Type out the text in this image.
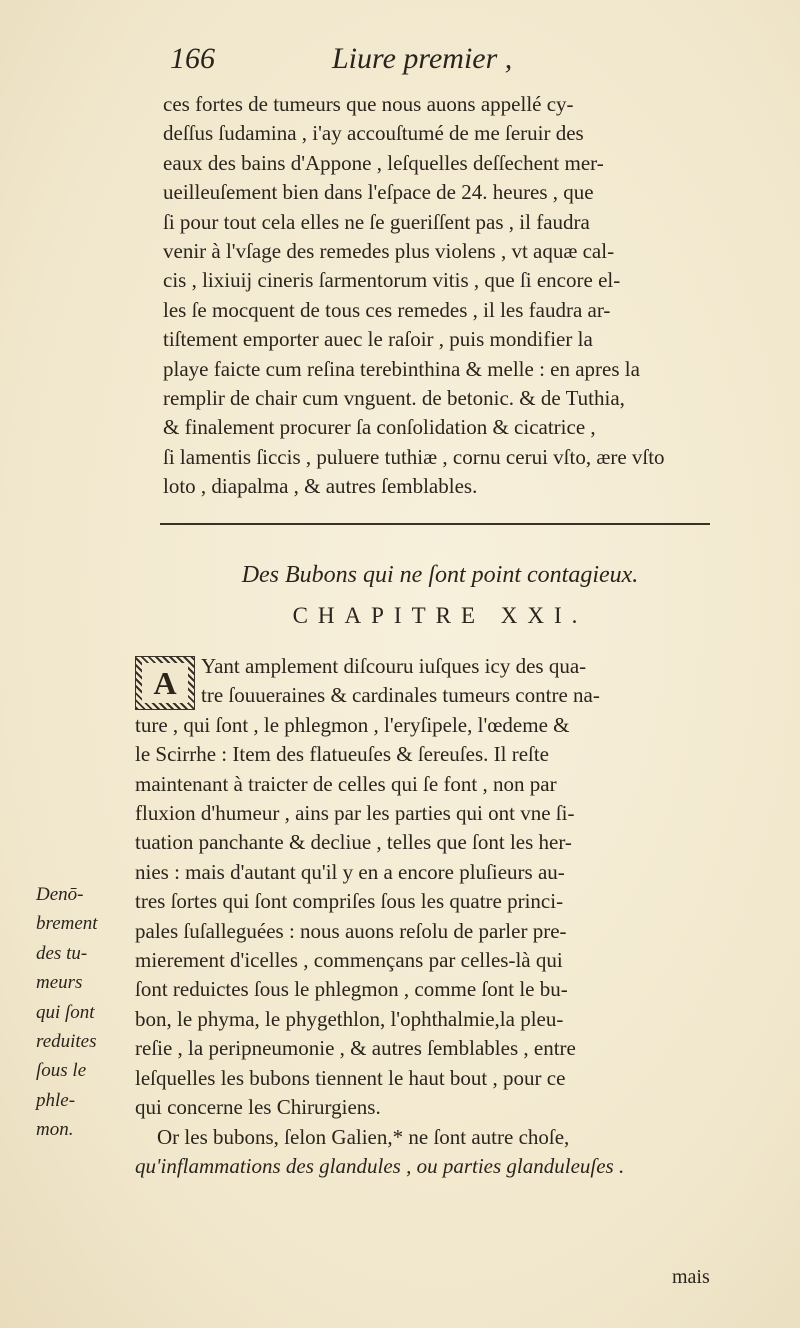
166	Liure premier ,
ces fortes de tumeurs que nous auons appellé cy-
deſſus ſudamina , i'ay accouſtumé de me ſeruir des
eaux des bains d'Appone , leſquelles deſſechent mer-
ueilleuſement bien dans l'eſpace de 24. heures , que
ſi pour tout cela elles ne ſe gueriſſent pas , il faudra
venir à l'vſage des remedes plus violens , vt aquæ cal-
cis , lixiuij cineris ſarmentorum vitis , que ſi encore el-
les ſe mocquent de tous ces remedes , il les faudra ar-
tiſtement emporter auec le raſoir , puis mondifier la
playe faicte cum reſina terebinthina & melle : en apres la
remplir de chair cum vnguent. de betonic. & de Tuthia,
& finalement procurer ſa conſolidation & cicatrice ,
ſi lamentis ſiccis , puluere tuthiæ , cornu cerui vſto, ære vſto
loto , diapalma , & autres ſemblables.
Des Bubons qui ne ſont point contagieux.
CHAPITRE XXI.
A	Yant amplement diſcouru iuſques icy des qua-
tre ſouueraines & cardinales tumeurs contre na-
ture , qui ſont , le phlegmon , l'eryſipele, l'œdeme &
le Scirrhe : Item des flatueuſes & ſereuſes. Il reſte
maintenant à traicter de celles qui ſe font , non par
fluxion d'humeur , ains par les parties qui ont vne ſi-
tuation panchante & decliue , telles que ſont les her-
nies : mais d'autant qu'il y en a encore pluſieurs au-
tres ſortes qui ſont compriſes ſous les quatre princi-
pales ſuſalleguées : nous auons reſolu de parler pre-
mierement d'icelles , commençans par celles-là qui
ſont reduictes ſous le phlegmon , comme ſont le bu-
bon, le phyma, le phygethlon, l'ophthalmie,la pleu-
reſie , la peripneumonie , & autres ſemblables , entre
leſquelles les bubons tiennent le haut bout , pour ce
qui concerne les Chirurgiens.
Or les bubons, ſelon Galien,* ne ſont autre choſe,
qu'inflammations des glandules , ou parties glanduleuſes .
Denō-
brement
des tu-
meurs
qui ſont
reduites
ſous le
phle-
mon.
mais
